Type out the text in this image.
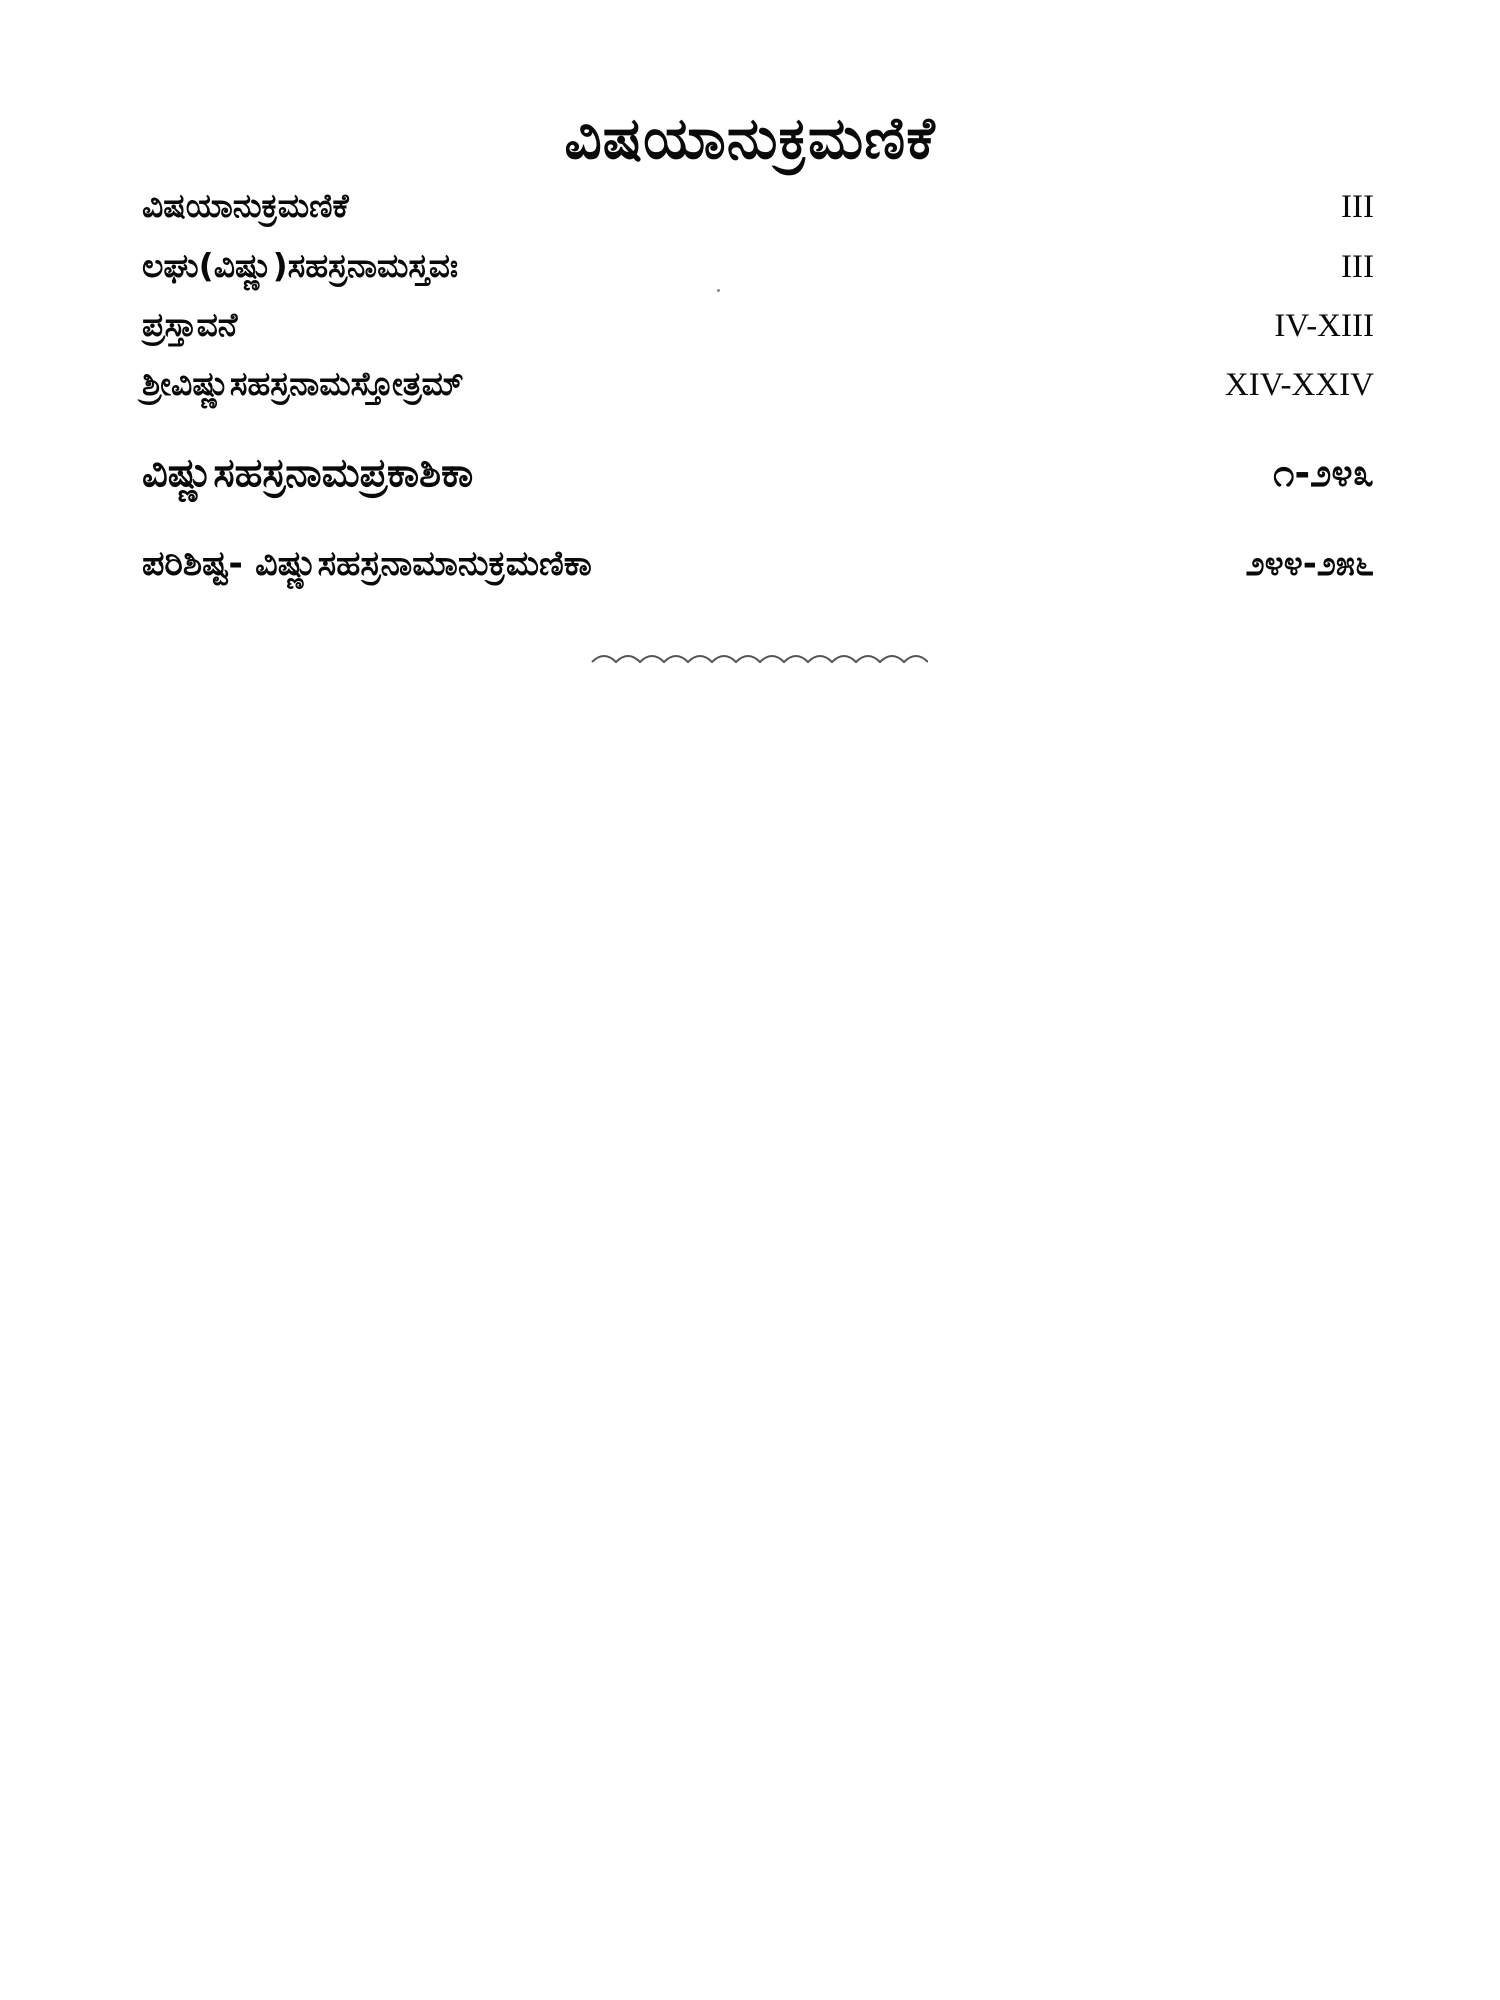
ವಿಷಯಾನುಕ್ರಮಣಿಕೆ
ವಿಷಯಾನುಕ್ರಮಣಿಕೆ	III
ಲಘು(ವಿಷ್ಣು)ಸಹಸ್ರನಾಮಸ್ತವಃ	III
ಪ್ರಸ್ತಾವನೆ	IV-XIII
ಶ್ರೀವಿಷ್ಣುಸಹಸ್ರನಾಮಸ್ತೋತ್ರಮ್	XIV-XXIV
ವಿಷ್ಣುಸಹಸ್ರನಾಮಪ್ರಕಾಶಿಕಾ	೧-೨೪೩
ಪರಿಶಿಷ್ಟ- ವಿಷ್ಣುಸಹಸ್ರನಾಮಾನುಕ್ರಮಣಿಕಾ	೨೪೪-೨೫೬
